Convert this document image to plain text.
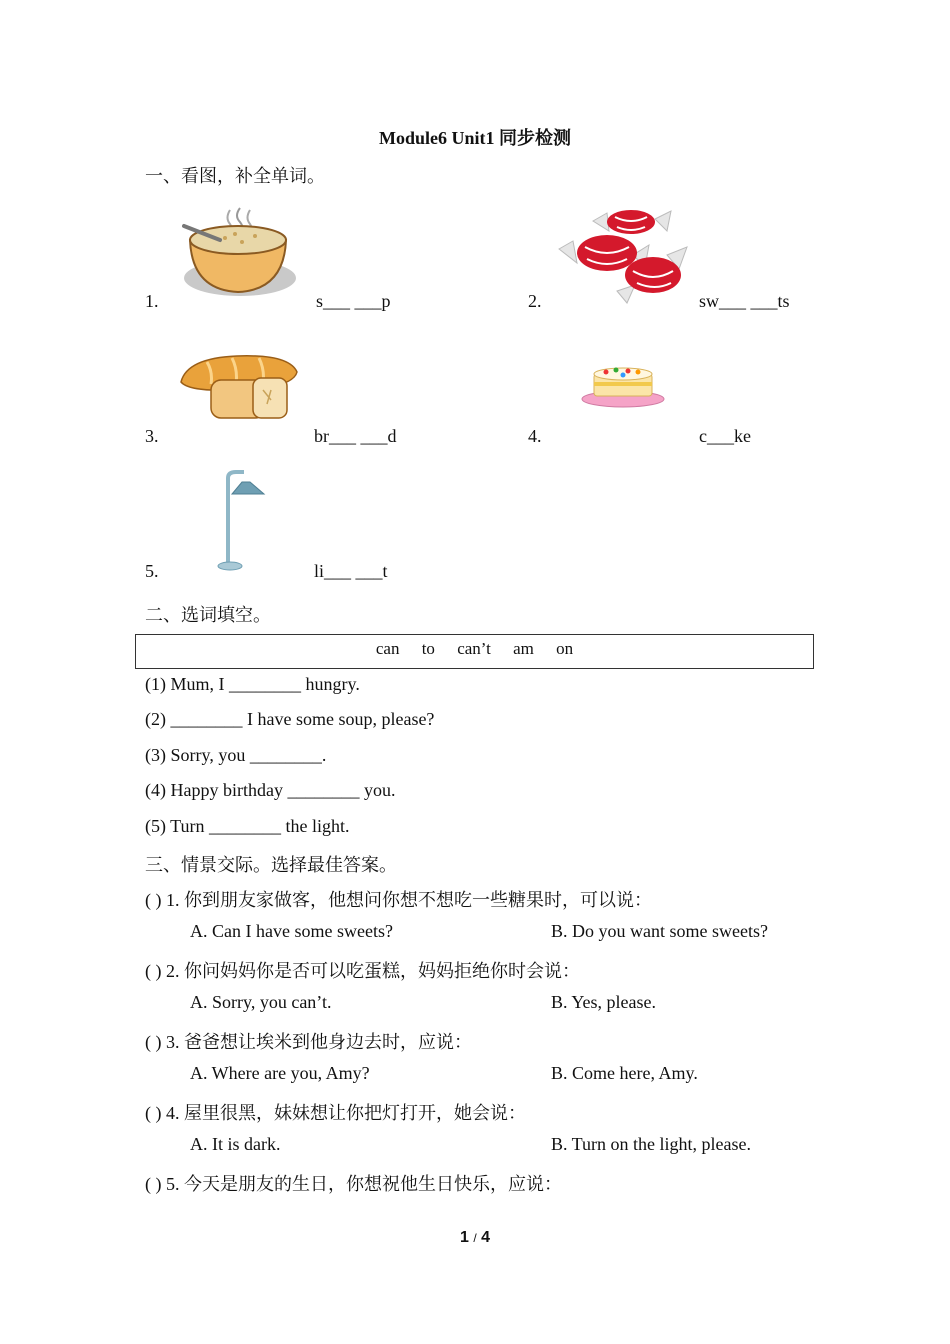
Module6 Unit1 同步检测
一、看图，补全单词。
1.	s___ ___p	2.	sw___ ___ts
3.	br___ ___d	4.	c___ke
5.	li___ ___t
二、选词填空。
can to can’t am on
(1) Mum, I ________ hungry.
(2) ________ I have some soup, please?
(3) Sorry, you ________.
(4) Happy birthday ________ you.
(5) Turn ________ the light.
三、情景交际。选择最佳答案。
( ) 1. 你到朋友家做客，他想问你想不想吃一些糖果时，可以说：
A. Can I have some sweets?	B. Do you want some sweets?
( ) 2. 你问妈妈你是否可以吃蛋糕，妈妈拒绝你时会说：
A. Sorry, you can’t.	B. Yes, please.
( ) 3. 爸爸想让埃米到他身边去时，应说：
A. Where are you, Amy?	B. Come here, Amy.
( ) 4. 屋里很黑，妹妹想让你把灯打开，她会说：
A. It is dark.	B. Turn on the light, please.
( ) 5. 今天是朋友的生日，你想祝他生日快乐，应说：
1 / 4
